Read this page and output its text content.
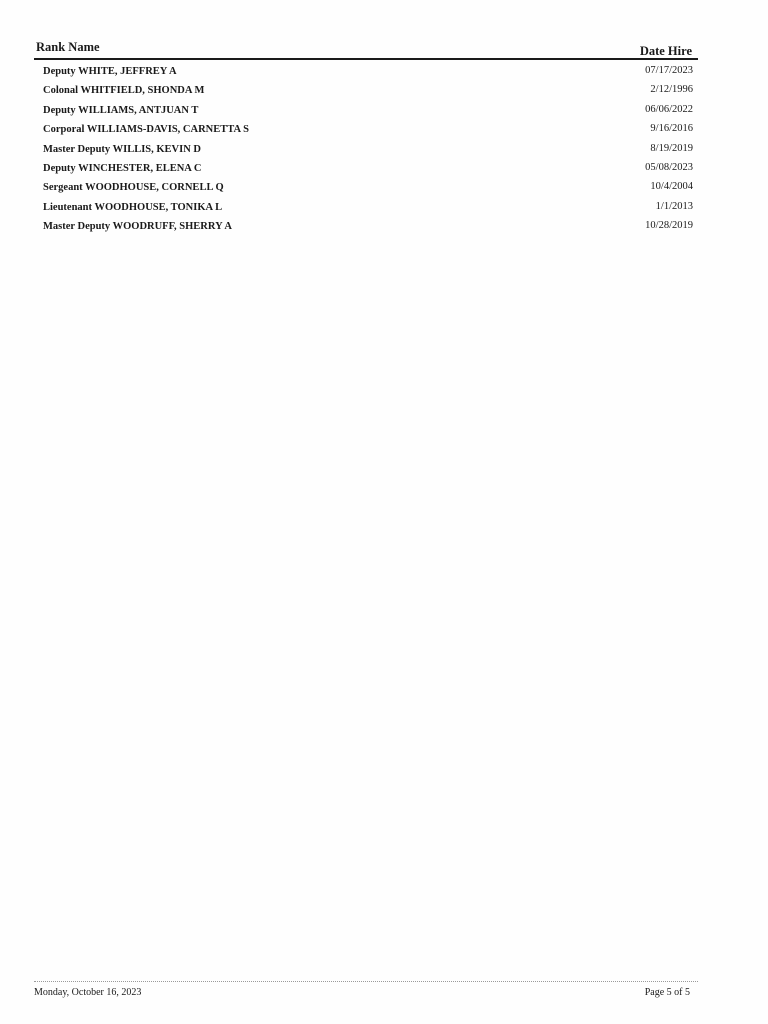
Rank Name	Date Hire
Deputy WHITE, JEFFREY A	07/17/2023
Colonal WHITFIELD, SHONDA M	2/12/1996
Deputy WILLIAMS, ANTJUAN T	06/06/2022
Corporal WILLIAMS-DAVIS, CARNETTA S	9/16/2016
Master Deputy WILLIS, KEVIN D	8/19/2019
Deputy WINCHESTER, ELENA C	05/08/2023
Sergeant WOODHOUSE, CORNELL Q	10/4/2004
Lieutenant WOODHOUSE, TONIKA L	1/1/2013
Master Deputy WOODRUFF, SHERRY A	10/28/2019
Monday, October 16, 2023	Page 5 of 5
